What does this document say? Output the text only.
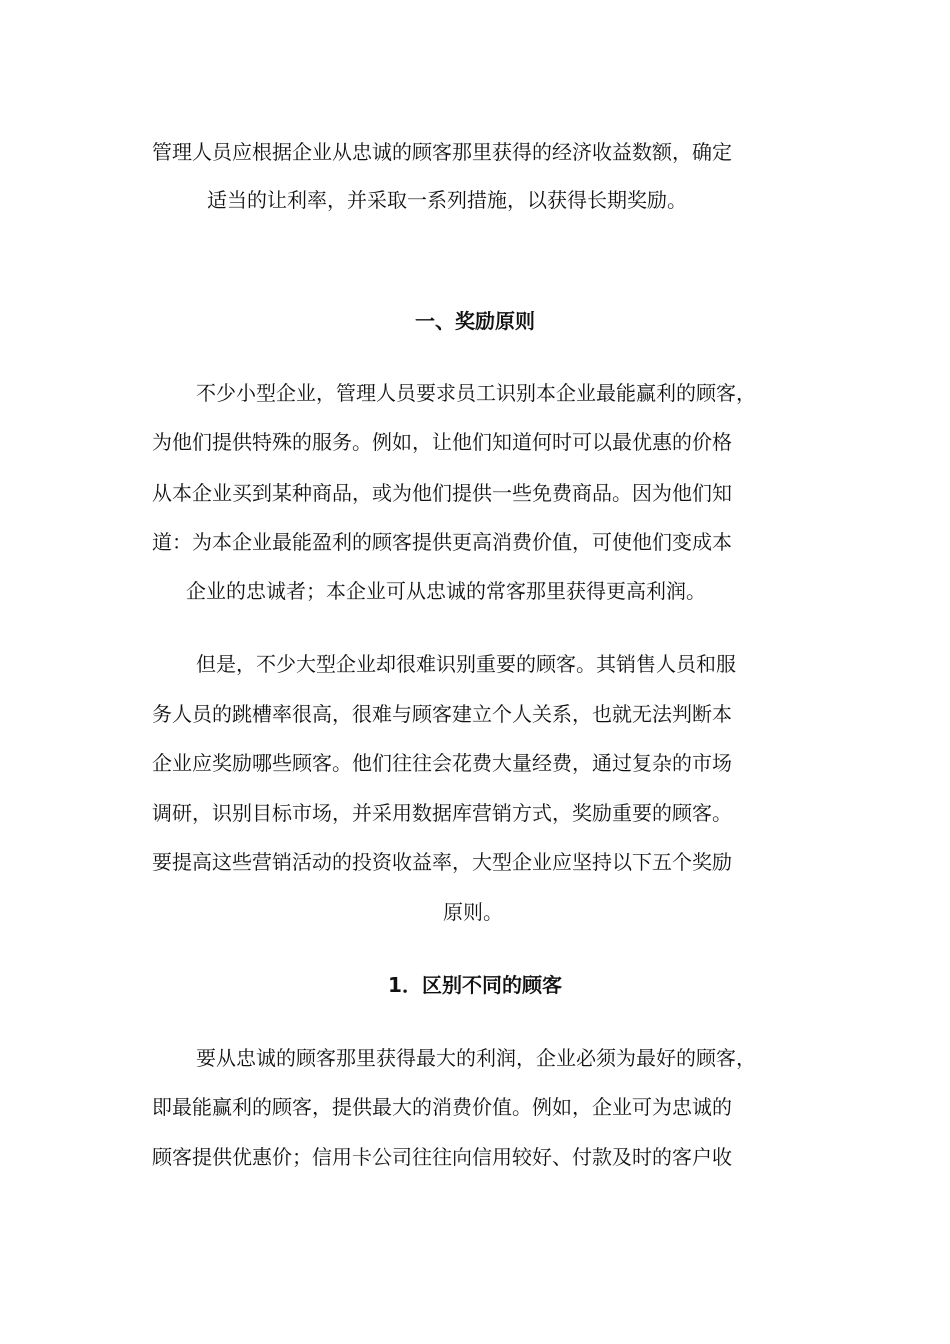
管理人员应根据企业从忠诚的顾客那里获得的经济收益数额，确定
适当的让利率，并采取一系列措施，以获得长期奖励。
一、奖励原则
不少小型企业，管理人员要求员工识别本企业最能赢利的顾客，
为他们提供特殊的服务。例如，让他们知道何时可以最优惠的价格
从本企业买到某种商品，或为他们提供一些免费商品。因为他们知
道：为本企业最能盈利的顾客提供更高消费价值，可使他们变成本
企业的忠诚者；本企业可从忠诚的常客那里获得更高利润。
但是，不少大型企业却很难识别重要的顾客。其销售人员和服
务人员的跳槽率很高，很难与顾客建立个人关系，也就无法判断本
企业应奖励哪些顾客。他们往往会花费大量经费，通过复杂的市场
调研，识别目标市场，并采用数据库营销方式，奖励重要的顾客。
要提高这些营销活动的投资收益率，大型企业应坚持以下五个奖励
原则。
1．区别不同的顾客
要从忠诚的顾客那里获得最大的利润，企业必须为最好的顾客，
即最能赢利的顾客，提供最大的消费价值。例如，企业可为忠诚的
顾客提供优惠价；信用卡公司往往向信用较好、付款及时的客户收
